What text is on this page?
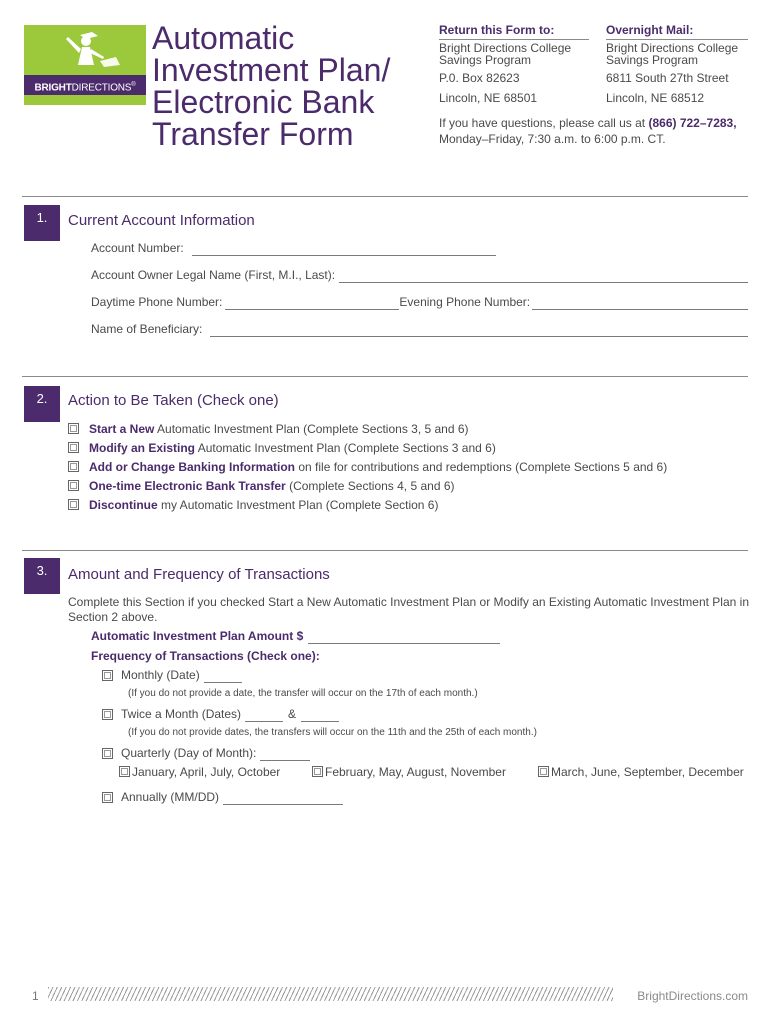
BRIGHTDIRECTIONS®
Automatic
Investment Plan/
Electronic Bank
Transfer Form
Return this Form to:
Bright Directions College
Savings Program
P.0. Box 82623
Lincoln, NE 68501
Overnight Mail:
Bright Directions College
Savings Program
6811 South 27th Street
Lincoln, NE 68512
If you have questions, please call us at (866) 722–7283,
Monday–Friday, 7:30 a.m. to 6:00 p.m. CT.
1.	Current Account Information
Account Number:
Account Owner Legal Name (First, M.I., Last):
Daytime Phone Number:	Evening Phone Number:
Name of Beneficiary:
2.	Action to Be Taken (Check one)
Start a New Automatic Investment Plan (Complete Sections 3, 5 and 6)
Modify an Existing Automatic Investment Plan (Complete Sections 3 and 6)
Add or Change Banking Information on file for contributions and redemptions (Complete Sections 5 and 6)
One-time Electronic Bank Transfer (Complete Sections 4, 5 and 6)
Discontinue my Automatic Investment Plan (Complete Section 6)
3.	Amount and Frequency of Transactions
Complete this Section if you checked Start a New Automatic Investment Plan or Modify an Existing Automatic Investment Plan in Section 2 above.
Automatic Investment Plan Amount $
Frequency of Transactions (Check one):
Monthly (Date)
(If you do not provide a date, the transfer will occur on the 17th of each month.)
Twice a Month (Dates)	&
(If you do not provide dates, the transfers will occur on the 11th and the 25th of each month.)
Quarterly (Day of Month):
January, April, July, October	February, May, August, November	March, June, September, December
Annually (MM/DD)
1	BrightDirections.com
